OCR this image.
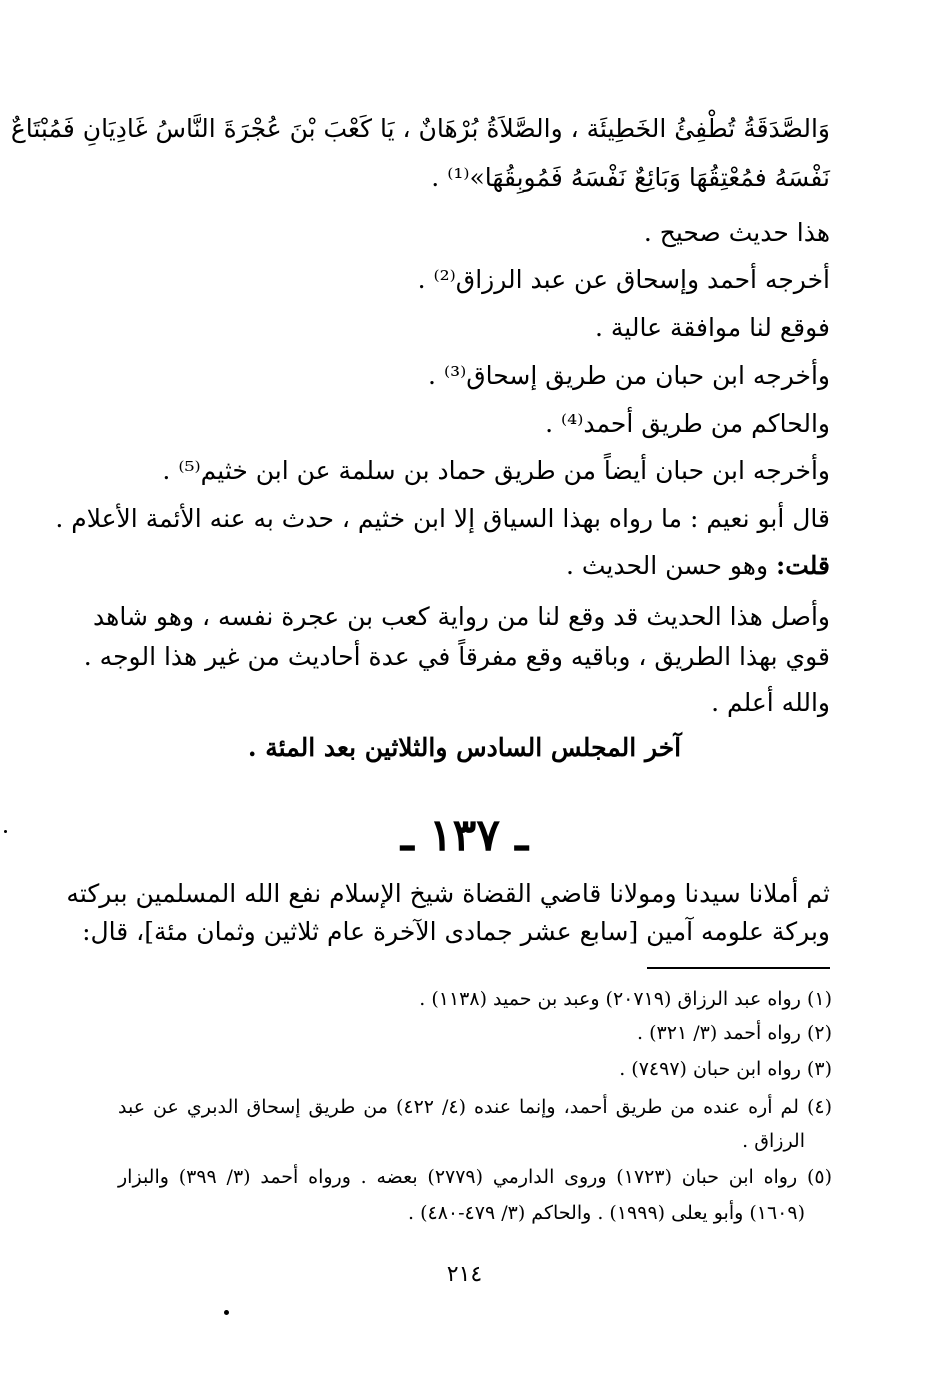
وَالصَّدَقَةُ تُطْفِئُ الخَطِيئَة ، والصَّلاَةُ بُرْهَانٌ ، يَا كَعْبَ بْنَ عُجْرَةَ النَّاسُ غَادِيَانِ فَمُبْتَاعٌ
نَفْسَهُ فمُعْتِقُهَا وَبَائِعٌ نَفْسَهُ فَمُوبِقُهَا»⁽¹⁾ .
هذا حديث صحيح .
أخرجه أحمد وإسحاق عن عبد الرزاق⁽²⁾ .
فوقع لنا موافقة عالية .
وأخرجه ابن حبان من طريق إسحاق⁽³⁾ .
والحاكم من طريق أحمد⁽⁴⁾ .
وأخرجه ابن حبان أيضاً من طريق حماد بن سلمة عن ابن خثيم⁽⁵⁾ .
قال أبو نعيم : ما رواه بهذا السياق إلا ابن خثيم ، حدث به عنه الأئمة الأعلام .
قلت: وهو حسن الحديث .
وأصل هذا الحديث قد وقع لنا من رواية كعب بن عجرة نفسه ، وهو شاهد
قوي بهذا الطريق ، وباقيه وقع مفرقاً في عدة أحاديث من غير هذا الوجه .
والله أعلم .
آخر المجلس السادس والثلاثين بعد المئة .
ـ ١٣٧ ـ
ثم أملانا سيدنا ومولانا قاضي القضاة شيخ الإسلام نفع الله المسلمين ببركته
وبركة علومه آمين [سابع عشر جمادى الآخرة عام ثلاثين وثمان مئة]، قال:
(١) رواه عبد الرزاق (٢٠٧١٩) وعبد بن حميد (١١٣٨) .
(٢) رواه أحمد (٣/ ٣٢١) .
(٣) رواه ابن حبان (٧٤٩٧) .
(٤) لم أره عنده من طريق أحمد، وإنما عنده (٤/ ٤٢٢) من طريق إسحاق الدبري عن عبد
الرزاق .
(٥) رواه ابن حبان (١٧٢٣) وروى الدارمي (٢٧٧٩) بعضه . ورواه أحمد (٣/ ٣٩٩) والبزار
(١٦٠٩) وأبو يعلى (١٩٩٩) . والحاكم (٣/ ٤٧٩-٤٨٠) .
٢١٤
